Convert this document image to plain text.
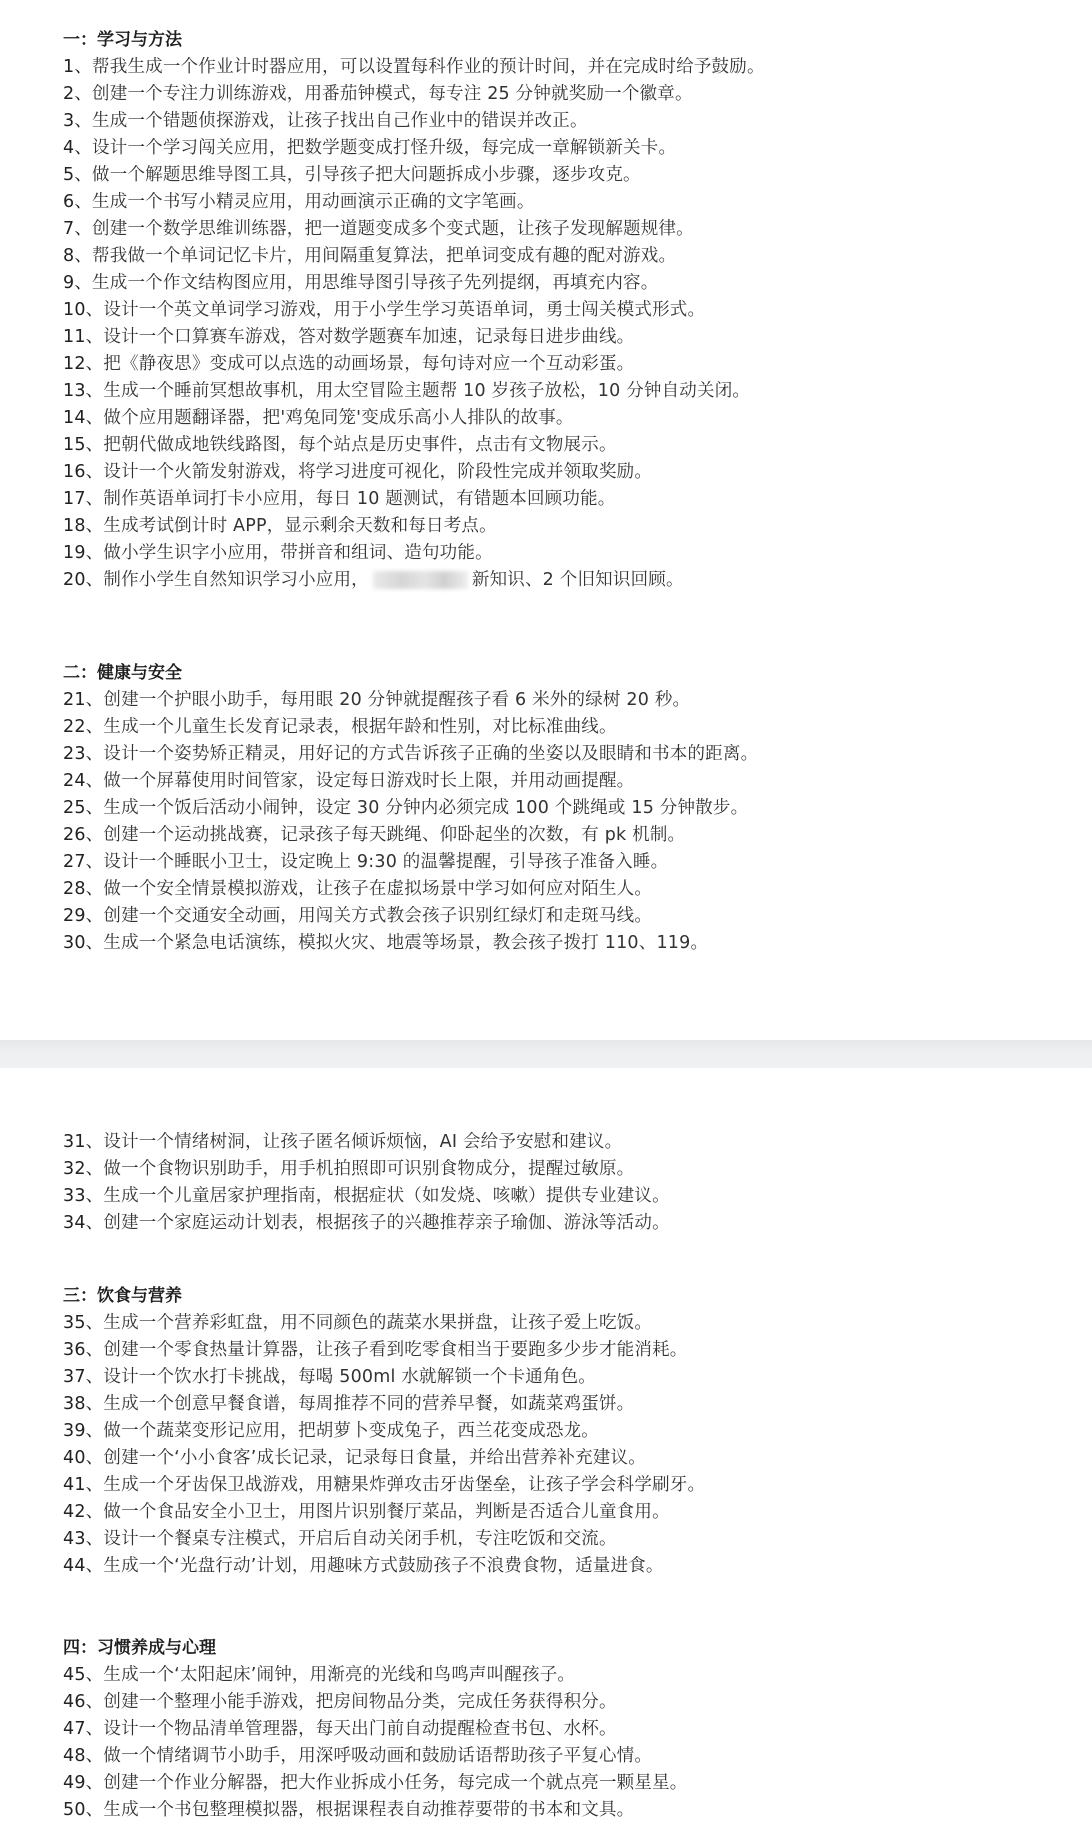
一：学习与方法
1、帮我生成一个作业计时器应用，可以设置每科作业的预计时间，并在完成时给予鼓励。
2、创建一个专注力训练游戏，用番茄钟模式，每专注 25 分钟就奖励一个徽章。
3、生成一个错题侦探游戏，让孩子找出自己作业中的错误并改正。
4、设计一个学习闯关应用，把数学题变成打怪升级，每完成一章解锁新关卡。
5、做一个解题思维导图工具，引导孩子把大问题拆成小步骤，逐步攻克。
6、生成一个书写小精灵应用，用动画演示正确的文字笔画。
7、创建一个数学思维训练器，把一道题变成多个变式题，让孩子发现解题规律。
8、帮我做一个单词记忆卡片，用间隔重复算法，把单词变成有趣的配对游戏。
9、生成一个作文结构图应用，用思维导图引导孩子先列提纲，再填充内容。
10、设计一个英文单词学习游戏，用于小学生学习英语单词，勇士闯关模式形式。
11、设计一个口算赛车游戏，答对数学题赛车加速，记录每日进步曲线。
12、把《静夜思》变成可以点选的动画场景，每句诗对应一个互动彩蛋。
13、生成一个睡前冥想故事机，用太空冒险主题帮 10 岁孩子放松，10 分钟自动关闭。
14、做个应用题翻译器，把'鸡兔同笼'变成乐高小人排队的故事。
15、把朝代做成地铁线路图，每个站点是历史事件，点击有文物展示。
16、设计一个火箭发射游戏，将学习进度可视化，阶段性完成并领取奖励。
17、制作英语单词打卡小应用，每日 10 题测试，有错题本回顾功能。
18、生成考试倒计时 APP，显示剩余天数和每日考点。
19、做小学生识字小应用，带拼音和组词、造句功能。
20、制作小学生自然知识学习小应用，	新知识、2 个旧知识回顾。
二：健康与安全
21、创建一个护眼小助手，每用眼 20 分钟就提醒孩子看 6 米外的绿树 20 秒。
22、生成一个儿童生长发育记录表，根据年龄和性别，对比标准曲线。
23、设计一个姿势矫正精灵，用好记的方式告诉孩子正确的坐姿以及眼睛和书本的距离。
24、做一个屏幕使用时间管家，设定每日游戏时长上限，并用动画提醒。
25、生成一个饭后活动小闹钟，设定 30 分钟内必须完成 100 个跳绳或 15 分钟散步。
26、创建一个运动挑战赛，记录孩子每天跳绳、仰卧起坐的次数，有 pk 机制。
27、设计一个睡眠小卫士，设定晚上 9:30 的温馨提醒，引导孩子准备入睡。
28、做一个安全情景模拟游戏，让孩子在虚拟场景中学习如何应对陌生人。
29、创建一个交通安全动画，用闯关方式教会孩子识别红绿灯和走斑马线。
30、生成一个紧急电话演练，模拟火灾、地震等场景，教会孩子拨打 110、119。
31、设计一个情绪树洞，让孩子匿名倾诉烦恼，AI 会给予安慰和建议。
32、做一个食物识别助手，用手机拍照即可识别食物成分，提醒过敏原。
33、生成一个儿童居家护理指南，根据症状（如发烧、咳嗽）提供专业建议。
34、创建一个家庭运动计划表，根据孩子的兴趣推荐亲子瑜伽、游泳等活动。
三：饮食与营养
35、生成一个营养彩虹盘，用不同颜色的蔬菜水果拼盘，让孩子爱上吃饭。
36、创建一个零食热量计算器，让孩子看到吃零食相当于要跑多少步才能消耗。
37、设计一个饮水打卡挑战，每喝 500ml 水就解锁一个卡通角色。
38、生成一个创意早餐食谱，每周推荐不同的营养早餐，如蔬菜鸡蛋饼。
39、做一个蔬菜变形记应用，把胡萝卜变成兔子，西兰花变成恐龙。
40、创建一个‘小小食客’成长记录，记录每日食量，并给出营养补充建议。
41、生成一个牙齿保卫战游戏，用糖果炸弹攻击牙齿堡垒，让孩子学会科学刷牙。
42、做一个食品安全小卫士，用图片识别餐厅菜品，判断是否适合儿童食用。
43、设计一个餐桌专注模式，开启后自动关闭手机，专注吃饭和交流。
44、生成一个‘光盘行动’计划，用趣味方式鼓励孩子不浪费食物，适量进食。
四：习惯养成与心理
45、生成一个‘太阳起床’闹钟，用渐亮的光线和鸟鸣声叫醒孩子。
46、创建一个整理小能手游戏，把房间物品分类，完成任务获得积分。
47、设计一个物品清单管理器，每天出门前自动提醒检查书包、水杯。
48、做一个情绪调节小助手，用深呼吸动画和鼓励话语帮助孩子平复心情。
49、创建一个作业分解器，把大作业拆成小任务，每完成一个就点亮一颗星星。
50、生成一个书包整理模拟器，根据课程表自动推荐要带的书本和文具。
